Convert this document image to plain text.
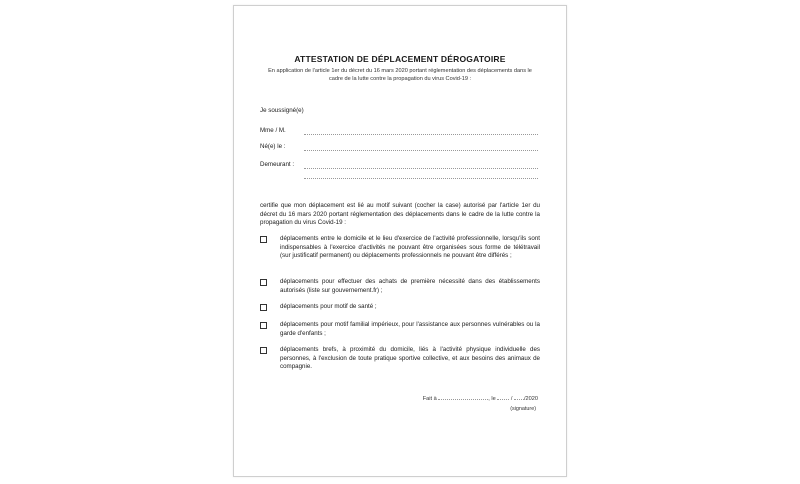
ATTESTATION DE DÉPLACEMENT DÉROGATOIRE
En application de l'article 1er du décret du 16 mars 2020 portant réglementation des déplacements dans le cadre de la lutte contre la propagation du virus Covid-19 :
Je soussigné(e)
Mme / M.
Né(e) le :
Demeurant :
certifie que mon déplacement est lié au motif suivant (cocher la case) autorisé par l'article 1er du décret du 16 mars 2020 portant réglementation des déplacements dans le cadre de la lutte contre la propagation du virus Covid-19 :
déplacements entre le domicile et le lieu d'exercice de l'activité professionnelle, lorsqu'ils sont indispensables à l'exercice d'activités ne pouvant être organisées sous forme de télétravail (sur justificatif permanent) ou déplacements professionnels ne pouvant être différés ;
déplacements pour effectuer des achats de première nécessité dans des établissements autorisés (liste sur gouvernement.fr) ;
déplacements pour motif de santé ;
déplacements pour motif familial impérieux, pour l'assistance aux personnes vulnérables ou la garde d'enfants ;
déplacements brefs, à proximité du domicile, liés à l'activité physique individuelle des personnes, à l'exclusion de toute pratique sportive collective, et aux besoins des animaux de compagnie.
Fait à	, le	/ /2020
(signature)
